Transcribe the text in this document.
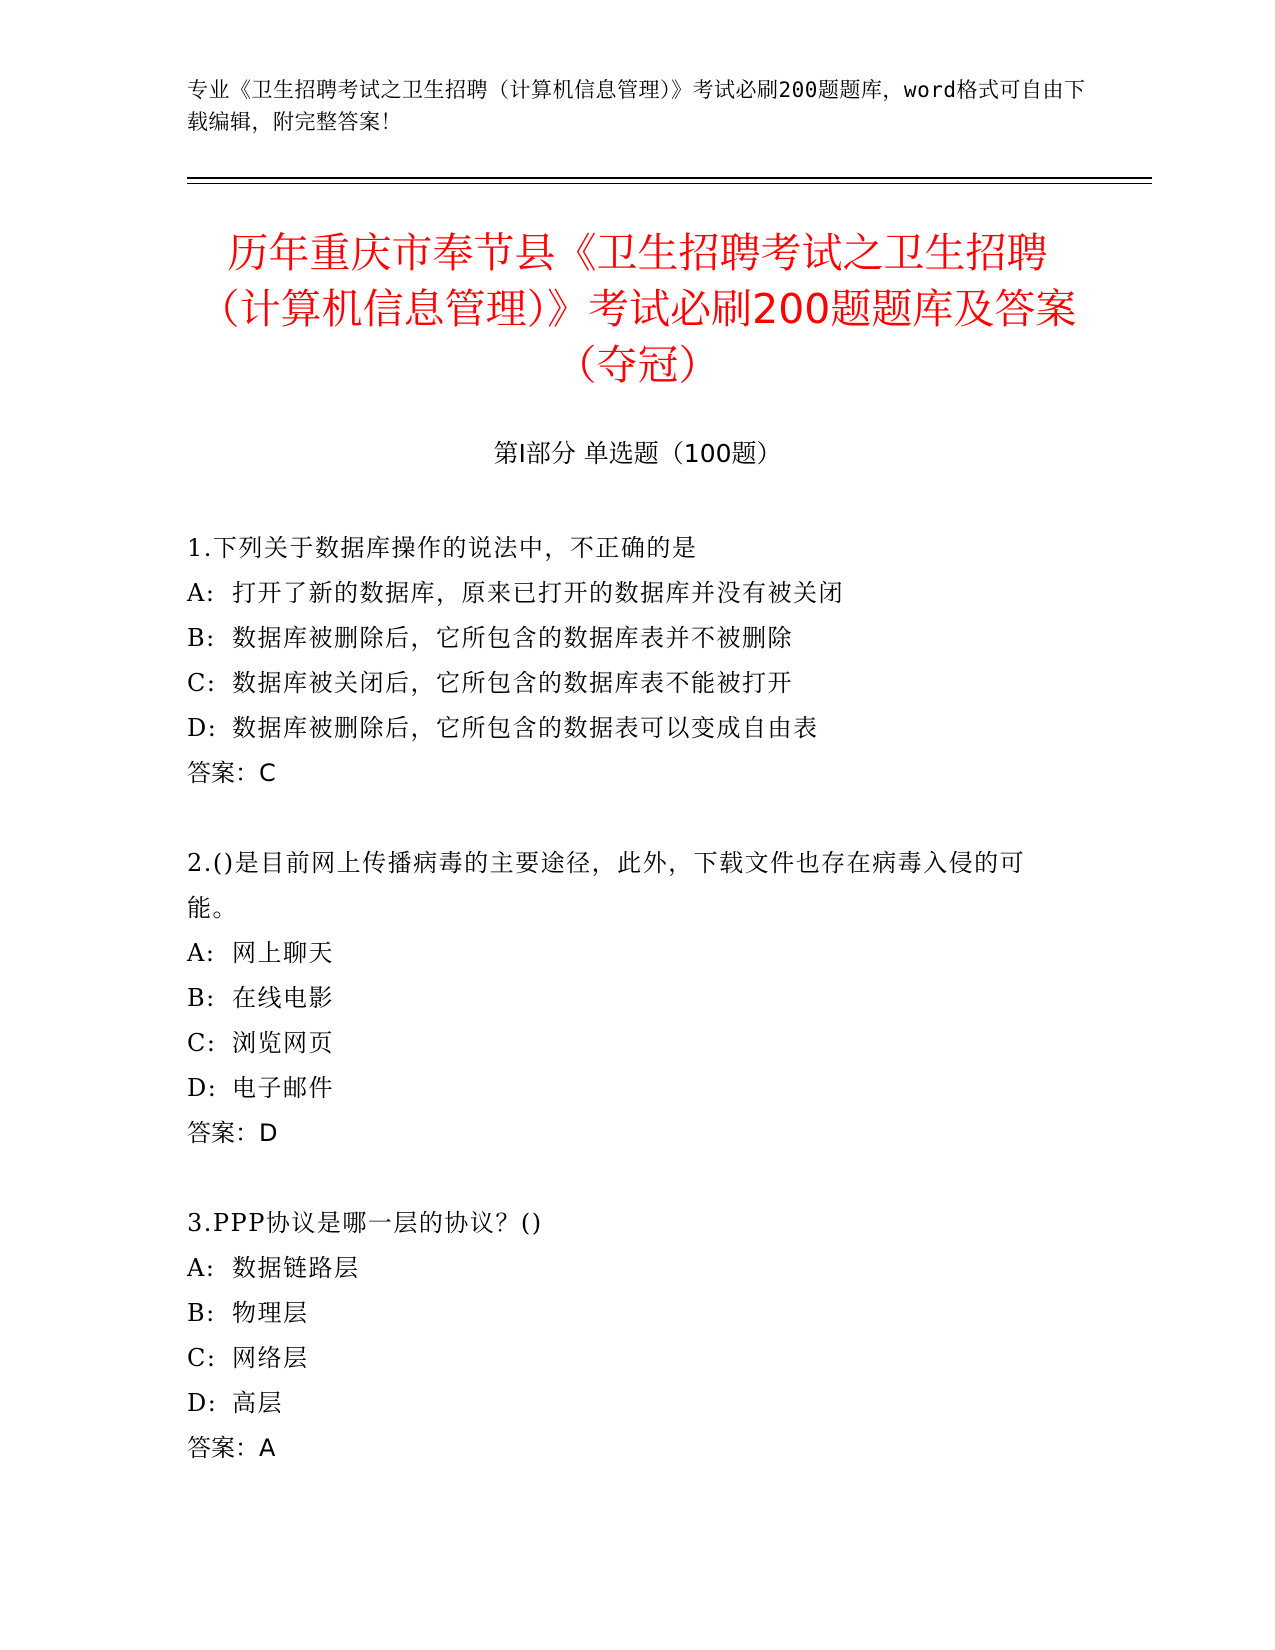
专业《卫生招聘考试之卫生招聘（计算机信息管理）》考试必刷200题题库，word格式可自由下载编辑，附完整答案！
历年重庆市奉节县《卫生招聘考试之卫生招聘（计算机信息管理）》考试必刷200题题库及答案（夺冠）
第Ⅰ部分 单选题（100题）
1.下列关于数据库操作的说法中，不正确的是
A: 打开了新的数据库，原来已打开的数据库并没有被关闭
B: 数据库被删除后，它所包含的数据库表并不被删除
C: 数据库被关闭后，它所包含的数据库表不能被打开
D: 数据库被删除后，它所包含的数据表可以变成自由表
答案：C
2.()是目前网上传播病毒的主要途径，此外，下载文件也存在病毒入侵的可能。
A: 网上聊天
B: 在线电影
C: 浏览网页
D: 电子邮件
答案：D
3.PPP协议是哪一层的协议？()
A: 数据链路层
B: 物理层
C: 网络层
D: 高层
答案：A
